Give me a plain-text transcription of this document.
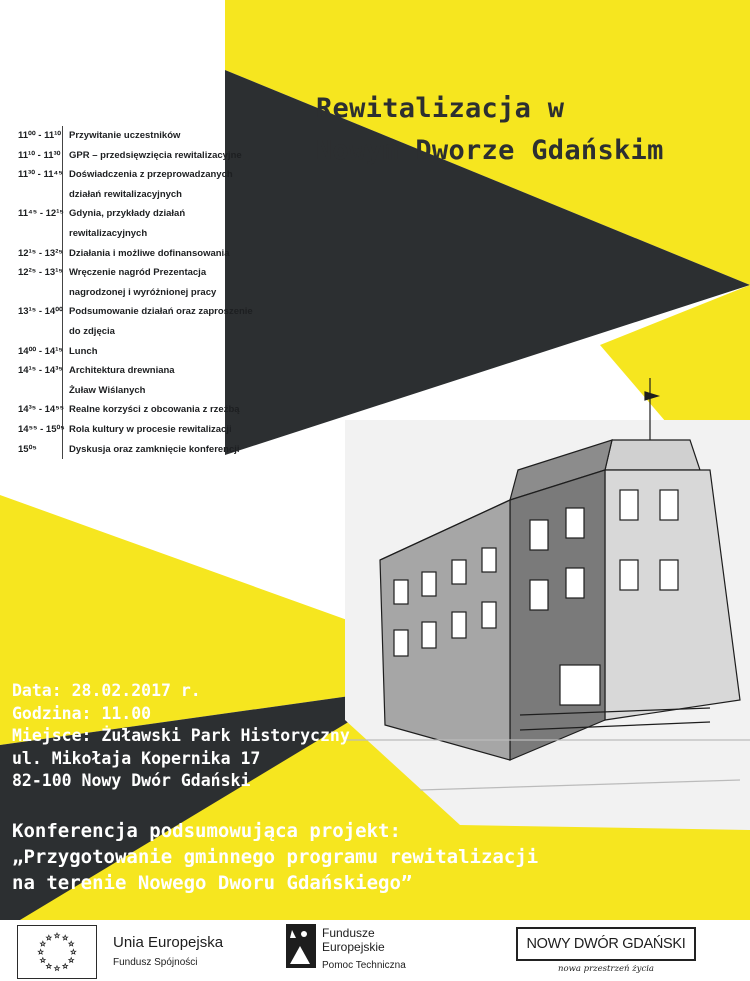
Rewitalizacja w
Nowym Dworze Gdańskim
11⁰⁰ - 11¹⁰ Przywitanie uczestników
11¹⁰ - 11³⁰ GPR – przedsięwzięcia rewitalizacyjne
11³⁰ - 11⁴⁵ Doświadczenia z przeprowadzanych
działań rewitalizacyjnych
11⁴⁵ - 12¹⁵ Gdynia, przykłady działań
rewitalizacyjnych
12¹⁵ - 13²⁵ Działania i możliwe dofinansowania
12²⁵ - 13¹⁵ Wręczenie nagród Prezentacja
nagrodzonej i wyróżnionej pracy
13¹⁵ - 14⁰⁰ Podsumowanie działań oraz zaproszenie
do zdjęcia
14⁰⁰ - 14¹⁵ Lunch
14¹⁵ - 14³⁵ Architektura drewniana
Żuław Wiślanych
14³⁵ - 14⁵⁵ Realne korzyści z obcowania z rzeźbą
14⁵⁵ - 15⁰⁵ Rola kultury w procesie rewitalizacji
15⁰⁵	Dyskusja oraz zamknięcie konferencji
Data: 28.02.2017 r.
Godzina: 11.00
Miejsce: Żuławski Park Historyczny
ul. Mikołaja Kopernika 17
82-100 Nowy Dwór Gdański
Konferencja podsumowująca projekt:
„Przygotowanie gminnego programu rewitalizacji
na terenie Nowego Dworu Gdańskiego”
Unia Europejska
Fundusz Spójności
Fundusze
Europejskie
Pomoc Techniczna
NOWY DWÓR GDAŃSKI
nowa przestrzeń życia
